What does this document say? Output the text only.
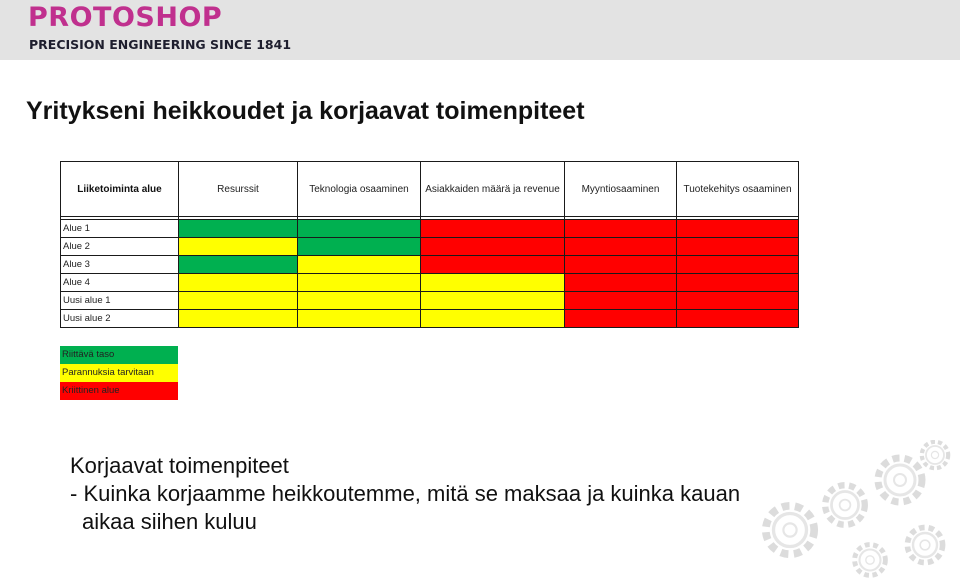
PROTOSHOP
PRECISION ENGINEERING SINCE 1841
Yritykseni heikkoudet ja korjaavat toimenpiteet
Liiketoiminta alue	Resurssit	Teknologia osaaminen	Asiakkaiden määrä ja revenue	Myyntiosaaminen	Tuotekehitys osaaminen

Alue 1					
Alue 2					
Alue 3					
Alue 4					
Uusi alue 1					
Uusi alue 2					
Riittävä taso
Parannuksia tarvitaan
Kriittinen alue
Korjaavat toimenpiteet
- Kuinka korjaamme heikkoutemme, mitä se maksaa ja kuinka kauan
aikaa siihen kuluu
